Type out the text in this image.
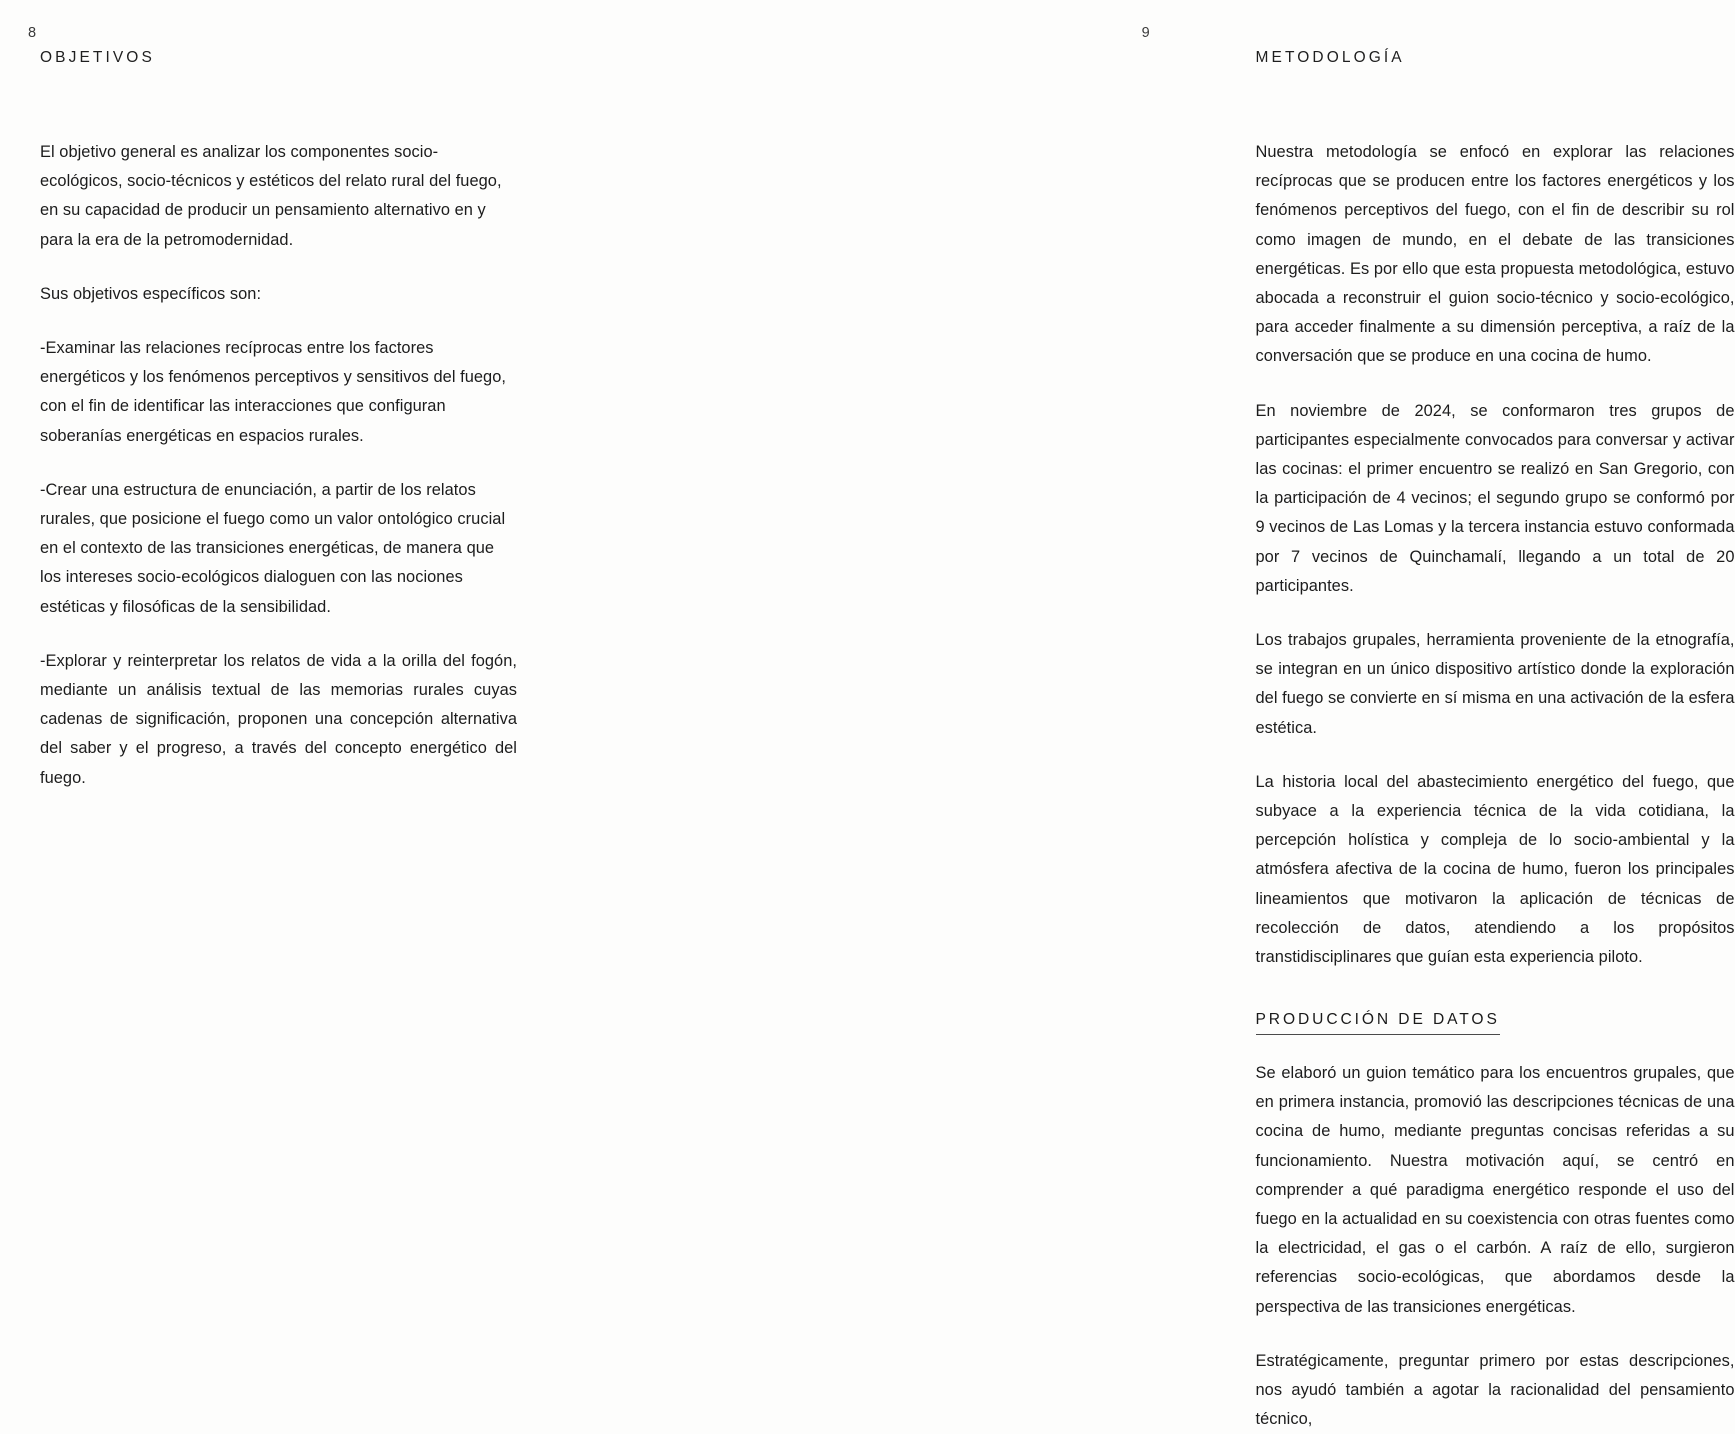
8
OBJETIVOS

El objetivo general es analizar los componentes socio-ecológicos, socio-técnicos y estéticos del relato rural del fuego, en su capacidad de producir un pensamiento alternativo en y para la era de la petromodernidad.

Sus objetivos específicos son:

-Examinar las relaciones recíprocas entre los factores energéticos y los fenómenos perceptivos y sensitivos del fuego, con el fin de identificar las interacciones que configuran soberanías energéticas en espacios rurales.

-Crear una estructura de enunciación, a partir de los relatos rurales, que posicione el fuego como un valor ontológico crucial en el contexto de las transiciones energéticas, de manera que los intereses socio-ecológicos dialoguen con las nociones estéticas y filosóficas de la sensibilidad.

-Explorar y reinterpretar los relatos de vida a la orilla del fogón, mediante un análisis textual de las memorias rurales cuyas cadenas de significación, proponen una concepción alternativa del saber y el progreso, a través del concepto energético del fuego.

9
METODOLOGÍA

Nuestra metodología se enfocó en explorar las relaciones recíprocas que se producen entre los factores energéticos y los fenómenos perceptivos del fuego, con el fin de describir su rol como imagen de mundo, en el debate de las transiciones energéticas. Es por ello que esta propuesta metodológica, estuvo abocada a reconstruir el guion socio-técnico y socio-ecológico, para acceder finalmente a su dimensión perceptiva, a raíz de la conversación que se produce en una cocina de humo.

En noviembre de 2024, se conformaron tres grupos de participantes especialmente convocados para conversar y activar las cocinas: el primer encuentro se realizó en San Gregorio, con la participación de 4 vecinos; el segundo grupo se conformó por 9 vecinos de Las Lomas y la tercera instancia estuvo conformada por 7 vecinos de Quinchamalí, llegando a un total de 20 participantes.

Los trabajos grupales, herramienta proveniente de la etnografía, se integran en un único dispositivo artístico donde la exploración del fuego se convierte en sí misma en una activación de la esfera estética.

La historia local del abastecimiento energético del fuego, que subyace a la experiencia técnica de la vida cotidiana, la percepción holística y compleja de lo socio-ambiental y la atmósfera afectiva de la cocina de humo, fueron los principales lineamientos que motivaron la aplicación de técnicas de recolección de datos, atendiendo a los propósitos transtidisciplinares que guían esta experiencia piloto.

PRODUCCIÓN DE DATOS

Se elaboró un guion temático para los encuentros grupales, que en primera instancia, promovió las descripciones técnicas de una cocina de humo, mediante preguntas concisas referidas a su funcionamiento. Nuestra motivación aquí, se centró en comprender a qué paradigma energético responde el uso del fuego en la actualidad en su coexistencia con otras fuentes como la electricidad, el gas o el carbón. A raíz de ello, surgieron referencias socio-ecológicas, que abordamos desde la perspectiva de las transiciones energéticas.

Estratégicamente, preguntar primero por estas descripciones, nos ayudó también a agotar la racionalidad del pensamiento técnico,
